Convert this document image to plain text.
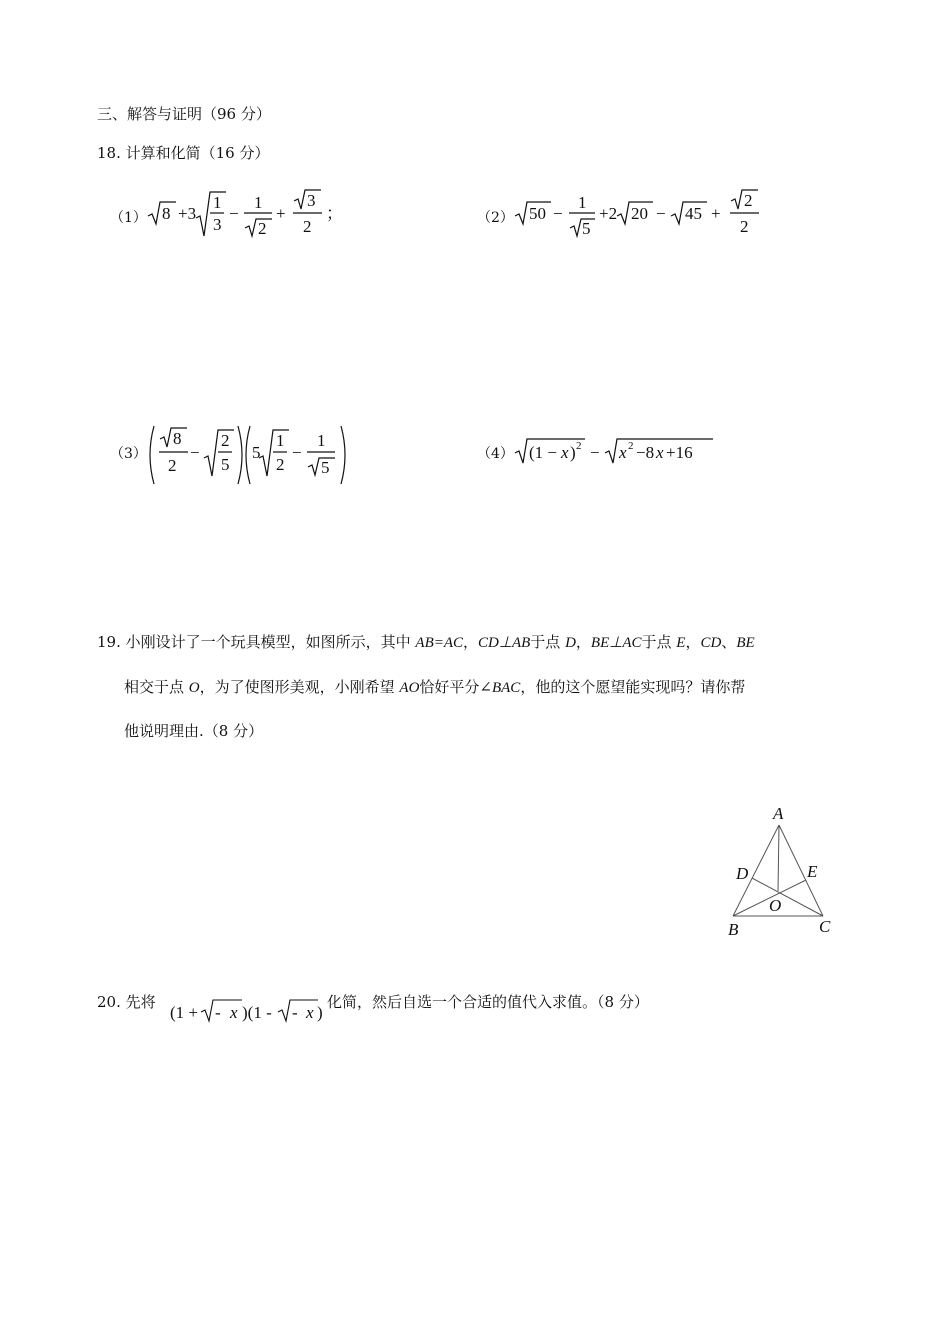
三、解答与证明（96 分）
18. 计算和化简（16 分）
（1） 8 +3
1
3
−
1
2
+
3
2
；	（2） 50 −
1
5
+2 20 − 45 +
2
2
（3）
8
2
−
2
5
5
1
2
−
1
5
（4） (1 − x ) 2 − x 2 −8 x +16
19. 小刚设计了一个玩具模型，如图所示，其中 AB=AC，CD⊥AB于点 D，BE⊥AC于点 E，CD、BE
相交于点 O，为了使图形美观，小刚希望 AO恰好平分∠BAC，他的这个愿望能实现吗？请你帮
他说明理由.（8 分）
A
D	E
O
B	C
20. 先将
(1 + - x )(1 - - x )
化简，然后自选一个合适的值代入求值。（8 分）
